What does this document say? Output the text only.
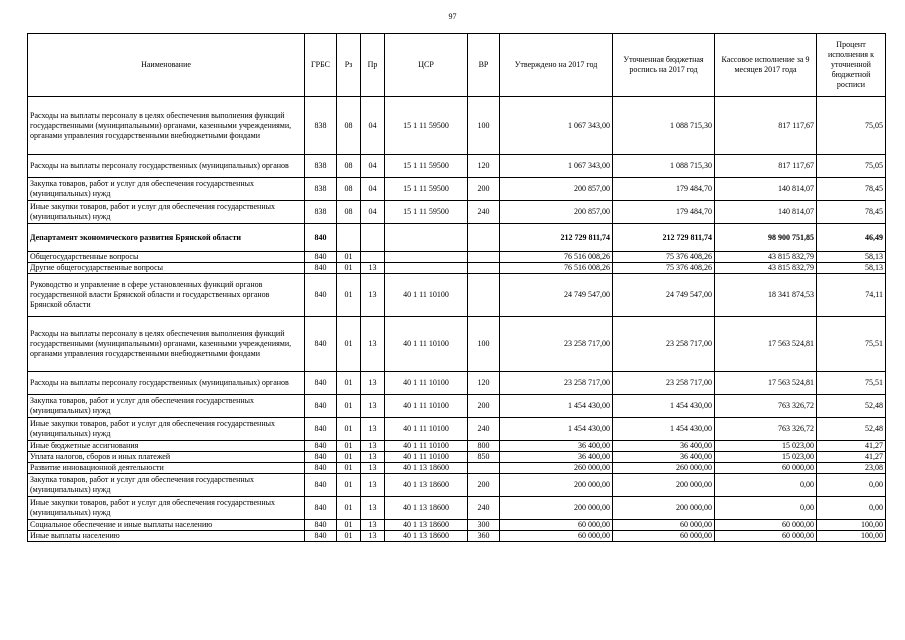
97
Наименование	ГРБС	Рз	Пр	ЦСР	ВР	Утверждено на 2017 год	Уточненная бюджетная роспись на 2017 год	Кассовое исполнение за 9 месяцев 2017 года	Процент исполнения к уточненной бюджетной росписи
Расходы на выплаты персоналу в целях обеспечения выполнения функций государственными (муниципальными) органами, казенными учреждениями, органами управления государственными внебюджетными фондами	838	08	04	15 1 11 59500	100	1 067 343,00	1 088 715,30	817 117,67	75,05
Расходы на выплаты персоналу государственных (муниципальных) органов	838	08	04	15 1 11 59500	120	1 067 343,00	1 088 715,30	817 117,67	75,05
Закупка товаров, работ и услуг для обеспечения государственных (муниципальных) нужд	838	08	04	15 1 11 59500	200	200 857,00	179 484,70	140 814,07	78,45
Иные закупки товаров, работ и услуг для обеспечения государственных (муниципальных) нужд	838	08	04	15 1 11 59500	240	200 857,00	179 484,70	140 814,07	78,45
Департамент экономического развития Брянской области	840					212 729 811,74	212 729 811,74	98 900 751,85	46,49
Общегосударственные вопросы	840	01				76 516 008,26	75 376 408,26	43 815 832,79	58,13
Другие общегосударственные вопросы	840	01	13			76 516 008,26	75 376 408,26	43 815 832,79	58,13
Руководство и управление в сфере установленных функций органов государственной власти Брянской области и государственных органов Брянской области	840	01	13	40 1 11 10100		24 749 547,00	24 749 547,00	18 341 874,53	74,11
Расходы на выплаты персоналу в целях обеспечения выполнения функций государственными (муниципальными) органами, казенными учреждениями, органами управления государственными внебюджетными фондами	840	01	13	40 1 11 10100	100	23 258 717,00	23 258 717,00	17 563 524,81	75,51
Расходы на выплаты персоналу государственных (муниципальных) органов	840	01	13	40 1 11 10100	120	23 258 717,00	23 258 717,00	17 563 524,81	75,51
Закупка товаров, работ и услуг для обеспечения государственных (муниципальных) нужд	840	01	13	40 1 11 10100	200	1 454 430,00	1 454 430,00	763 326,72	52,48
Иные закупки товаров, работ и услуг для обеспечения государственных (муниципальных) нужд	840	01	13	40 1 11 10100	240	1 454 430,00	1 454 430,00	763 326,72	52,48
Иные бюджетные ассигнования	840	01	13	40 1 11 10100	800	36 400,00	36 400,00	15 023,00	41,27
Уплата налогов, сборов и иных платежей	840	01	13	40 1 11 10100	850	36 400,00	36 400,00	15 023,00	41,27
Развитие инновационной деятельности	840	01	13	40 1 13 18600		260 000,00	260 000,00	60 000,00	23,08
Закупка товаров, работ и услуг для обеспечения государственных (муниципальных) нужд	840	01	13	40 1 13 18600	200	200 000,00	200 000,00	0,00	0,00
Иные закупки товаров, работ и услуг для обеспечения государственных (муниципальных) нужд	840	01	13	40 1 13 18600	240	200 000,00	200 000,00	0,00	0,00
Социальное обеспечение и иные выплаты населению	840	01	13	40 1 13 18600	300	60 000,00	60 000,00	60 000,00	100,00
Иные выплаты населению	840	01	13	40 1 13 18600	360	60 000,00	60 000,00	60 000,00	100,00
